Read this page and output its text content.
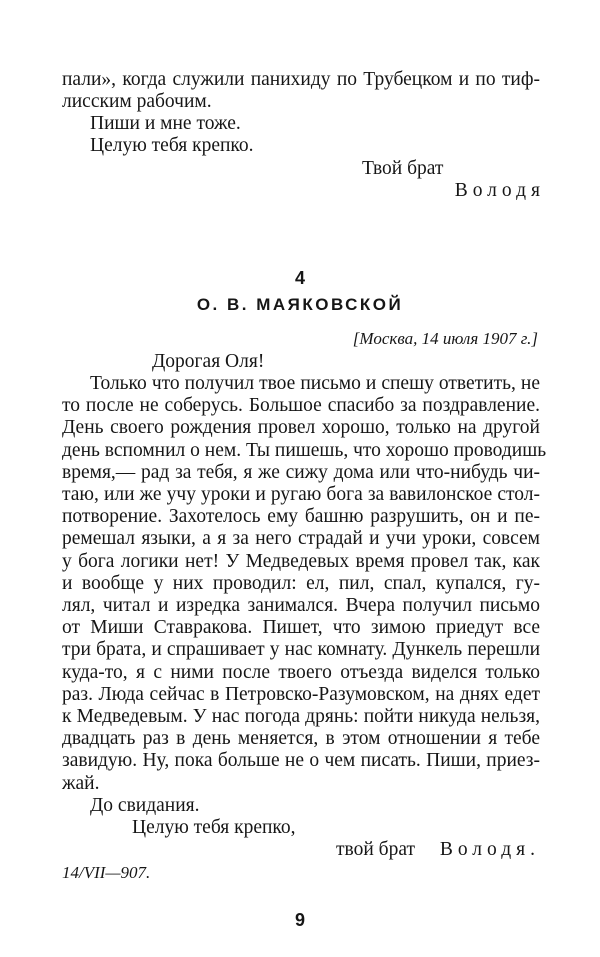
пали», когда служили панихиду по Трубецком и по тиф-
лисским рабочим.
Пиши и мне тоже.
Целую тебя крепко.
Твой брат
Володя
4
О. В. МАЯКОВСКОЙ
[Москва, 14 июля 1907 г.]
Дорогая Оля!
Только что получил твое письмо и спешу ответить, не
то после не соберусь. Большое спасибо за поздравление.
День своего рождения провел хорошо, только на другой
день вспомнил о нем. Ты пишешь, что хорошо проводишь
время,— рад за тебя, я же сижу дома или что-нибудь чи-
таю, или же учу уроки и ругаю бога за вавилонское стол-
потворение. Захотелось ему башню разрушить, он и пе-
ремешал языки, а я за него страдай и учи уроки, совсем
у бога логики нет! У Медведевых время провел так, как
и вообще у них проводил: ел, пил, спал, купался, гу-
лял, читал и изредка занимался. Вчера получил письмо
от Миши Ставракова. Пишет, что зимою приедут все
три брата, и спрашивает у нас комнату. Дункель перешли
куда-то, я с ними после твоего отъезда виделся только
раз. Люда сейчас в Петровско-Разумовском, на днях едет
к Медведевым. У нас погода дрянь: пойти никуда нельзя,
двадцать раз в день меняется, в этом отношении я тебе
завидую. Ну, пока больше не о чем писать. Пиши, приез-
жай.
До свидания.
Целую тебя крепко,
твой брат Володя.
14/VII—907.
9
